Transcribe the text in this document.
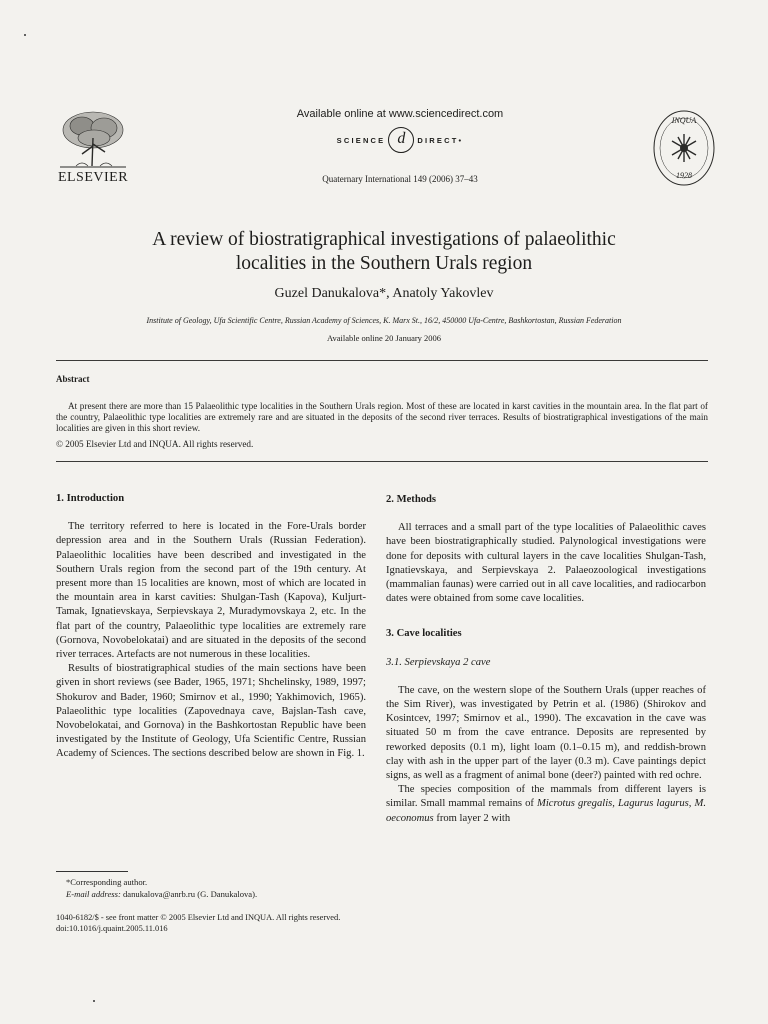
ELSEVIER
Available online at www.sciencedirect.com
SCIENCE d	DIRECT •
Quaternary International 149 (2006) 37–43
INQUA
1928
A review of biostratigraphical investigations of palaeolithic
localities in the Southern Urals region
Guzel Danukalova*, Anatoly Yakovlev
Institute of Geology, Ufa Scientific Centre, Russian Academy of Sciences, K. Marx St., 16/2, 450000 Ufa-Centre, Bashkortostan, Russian Federation
Available online 20 January 2006
Abstract
At present there are more than 15 Palaeolithic type localities in the Southern Urals region. Most of these are located in karst cavities in the mountain area. In the flat part of the country, Palaeolithic type localities are extremely rare and are situated in the deposits of the second river terraces. Results of biostratigraphical investigations of the main localities are given in this short review.
© 2005 Elsevier Ltd and INQUA. All rights reserved.
1. Introduction

The territory referred to here is located in the Fore-Urals border depression area and in the Southern Urals (Russian Federation). Palaeolithic localities have been described and investigated in the Southern Urals region from the second part of the 19th century. At present more than 15 localities are known, most of which are located in the mountain area in karst cavities: Shulgan-Tash (Kapova), Kuljurt-Tamak, Ignatievskaya, Serpievskaya 2, Muradymovskaya 2, etc. In the flat part of the country, Palaeolithic type localities are extremely rare (Gornova, Novobelokatai) and are situated in the deposits of the second river terraces. Artefacts are not numerous in these localities.

Results of biostratigraphical studies of the main sections have been given in short reviews (see Bader, 1965, 1971; Shchelinsky, 1989, 1997; Shokurov and Bader, 1960; Smirnov et al., 1990; Yakhimovich, 1965). Palaeolithic type localities (Zapovednaya cave, Bajslan-Tash cave, Novobelokatai, and Gornova) in the Bashkortostan Republic have been investigated by the Institute of Geology, Ufa Scientific Centre, Russian Academy of Sciences. The sections described below are shown in Fig. 1.

2. Methods

All terraces and a small part of the type localities of Palaeolithic caves have been biostratigraphically studied. Palynological investigations were done for deposits with cultural layers in the cave localities Shulgan-Tash, Ignatievskaya, and Serpievskaya 2. Palaeozoological investigations (mammalian faunas) were carried out in all cave localities, and radiocarbon dates were obtained from some cave localities.

3. Cave localities
3.1. Serpievskaya 2 cave

The cave, on the western slope of the Southern Urals (upper reaches of the Sim River), was investigated by Petrin et al. (1986) (Shirokov and Kosintcev, 1997; Smirnov et al., 1990). The excavation in the cave was situated 50 m from the cave entrance. Deposits are represented by reworked deposits (0.1 m), light loam (0.1–0.15 m), and reddish-brown clay with ash in the upper part of the layer (0.3 m). Cave paintings depict signs, as well as a fragment of animal bone (deer?) painted with red ochre.

The species composition of the mammals from different layers is similar. Small mammal remains of Microtus gregalis, Lagurus lagurus, M. oeconomus from layer 2 with

*Corresponding author.
E-mail address: danukalova@anrb.ru (G. Danukalova).
1040-6182/$ - see front matter © 2005 Elsevier Ltd and INQUA. All rights reserved.
doi:10.1016/j.quaint.2005.11.016
